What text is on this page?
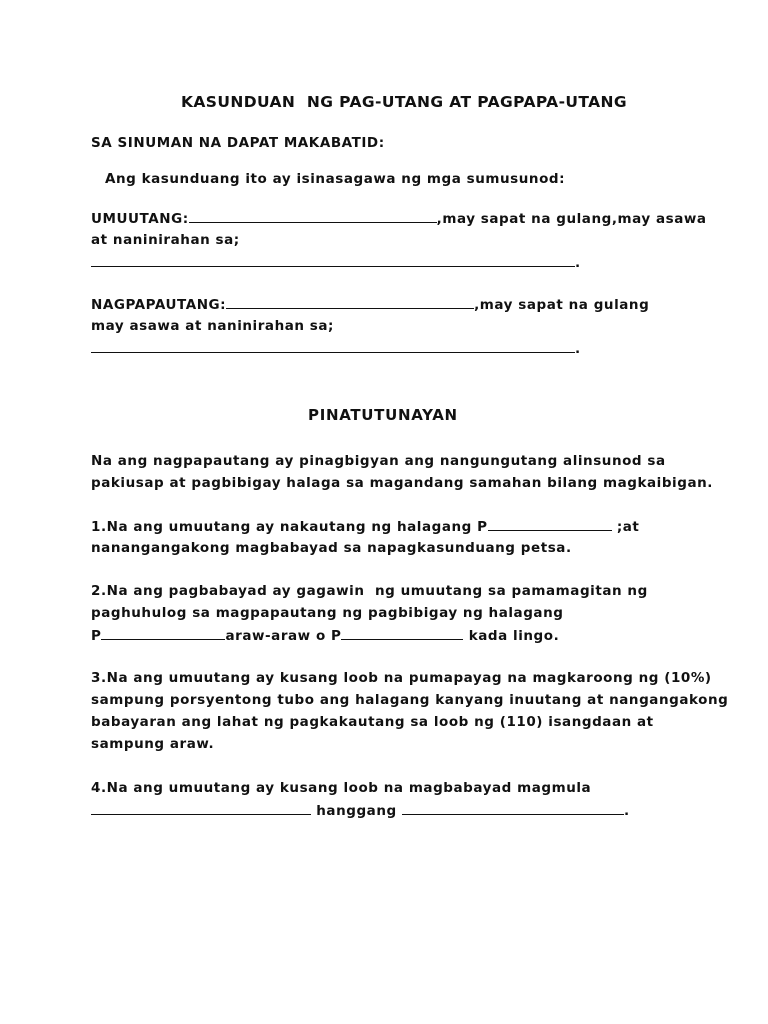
KASUNDUAN  NG PAG-UTANG AT PAGPAPA-UTANG
SA SINUMAN NA DAPAT MAKABATID:
Ang kasunduang ito ay isinasagawa ng mga sumusunod:
UMUUTANG:	,may sapat na gulang,may asawa
at naninirahan sa;
.
NAGPAPAUTANG:	,may sapat na gulang
may asawa at naninirahan sa;
.
PINATUTUNAYAN
Na ang nagpapautang ay pinagbigyan ang nangungutang alinsunod sa
pakiusap at pagbibigay halaga sa magandang samahan bilang magkaibigan.
1.Na ang umuutang ay nakautang ng halagang P	;at
nanangangakong magbabayad sa napagkasunduang petsa.
2.Na ang pagbabayad ay gagawin  ng umuutang sa pamamagitan ng
paghuhulog sa magpapautang ng pagbibigay ng halagang
P	araw-araw o P	kada lingo.
3.Na ang umuutang ay kusang loob na pumapayag na magkaroong ng (10%)
sampung porsyentong tubo ang halagang kanyang inuutang at nangangakong
babayaran ang lahat ng pagkakautang sa loob ng (110) isangdaan at
sampung araw.
4.Na ang umuutang ay kusang loob na magbabayad magmula
hanggang	.
